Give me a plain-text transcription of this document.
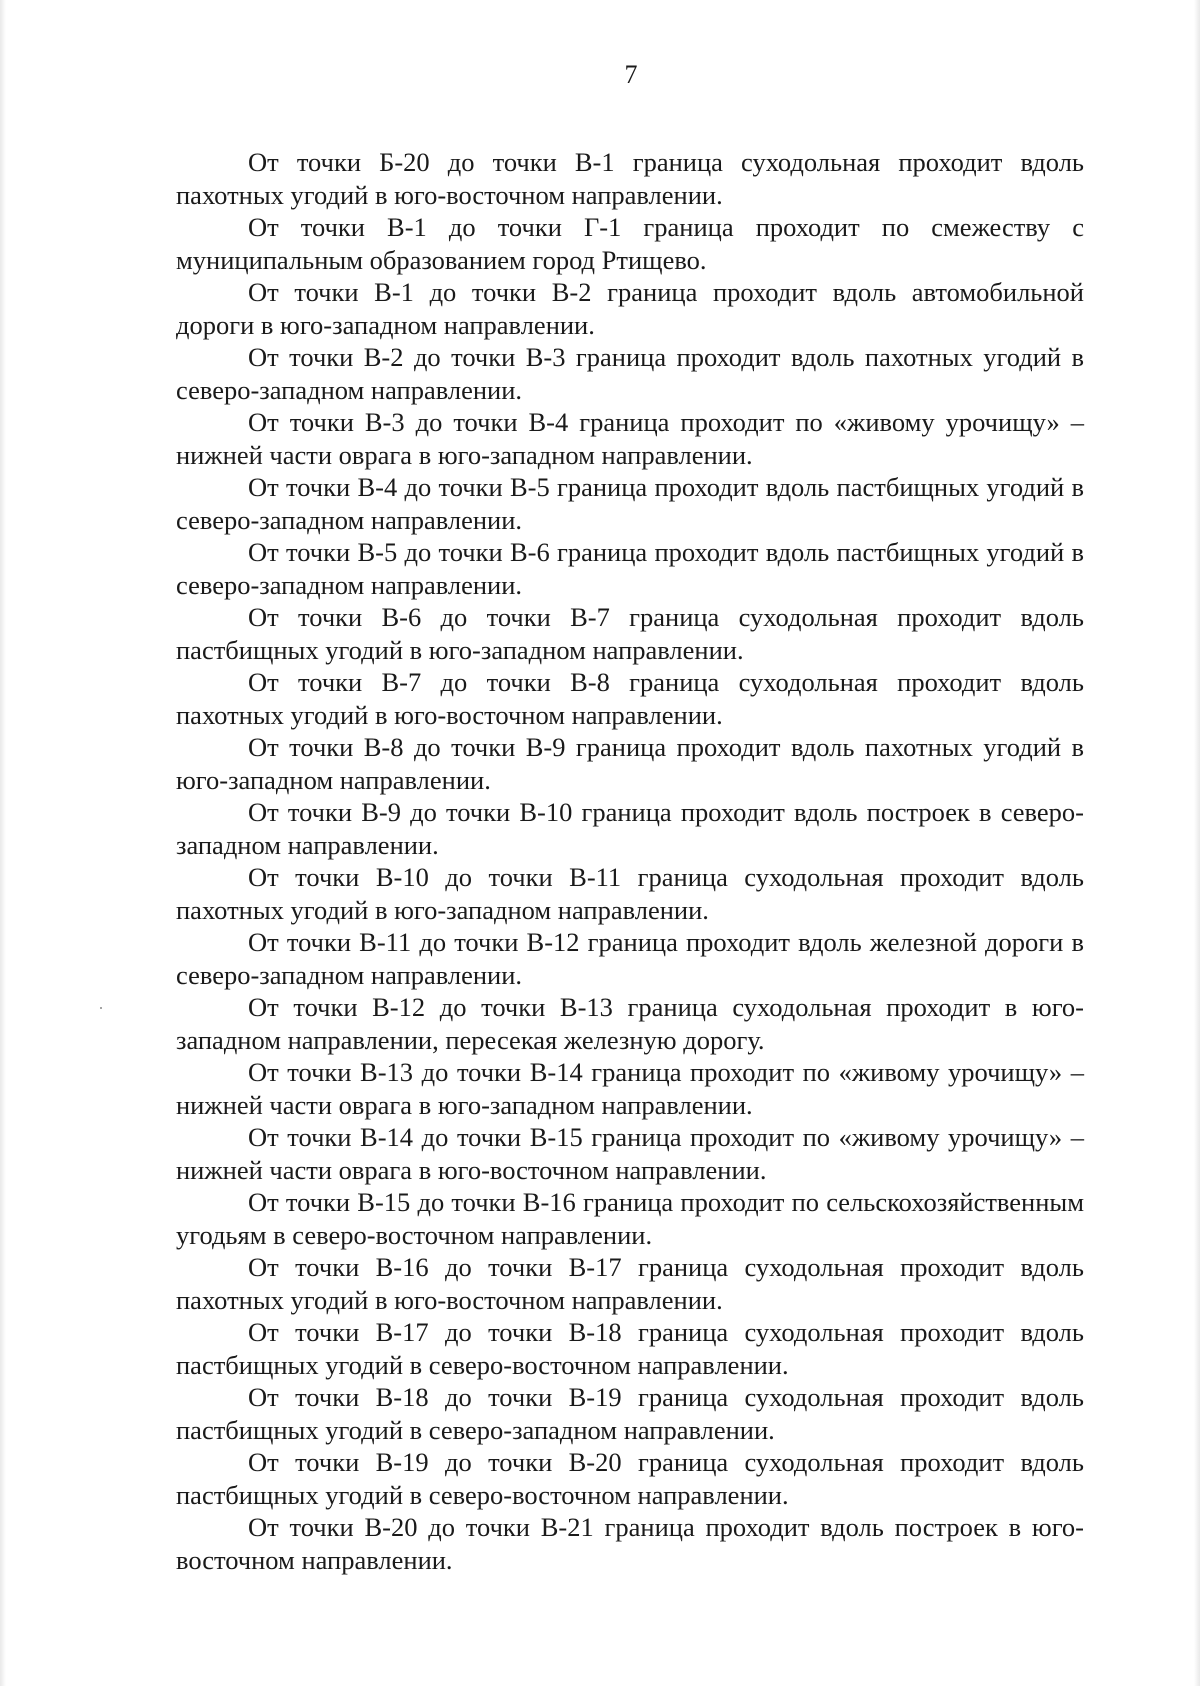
7

От точки Б-20 до точки В-1 граница суходольная проходит вдоль пахотных угодий в юго-восточном направлении.

От точки В-1 до точки Г-1 граница проходит по смежеству с муниципальным образованием город Ртищево.

От точки В-1 до точки В-2 граница проходит вдоль автомобильной дороги в юго-западном направлении.

От точки В-2 до точки В-3 граница проходит вдоль пахотных угодий в северо-западном направлении.

От точки В-3 до точки В-4 граница проходит по «живому урочищу» – нижней части оврага в юго-западном направлении.

От точки В-4 до точки В-5 граница проходит вдоль пастбищных угодий в северо-западном направлении.

От точки В-5 до точки В-6 граница проходит вдоль пастбищных угодий в северо-западном направлении.

От точки В-6 до точки В-7 граница суходольная проходит вдоль пастбищных угодий в юго-западном направлении.

От точки В-7 до точки В-8 граница суходольная проходит вдоль пахотных угодий в юго-восточном направлении.

От точки В-8 до точки В-9 граница проходит вдоль пахотных угодий в юго-западном направлении.

От точки В-9 до точки В-10 граница проходит вдоль построек в северо-западном направлении.

От точки В-10 до точки В-11 граница суходольная проходит вдоль пахотных угодий в юго-западном направлении.

От точки В-11 до точки В-12 граница проходит вдоль железной дороги в северо-западном направлении.

От точки В-12 до точки В-13 граница суходольная проходит в юго-западном направлении, пересекая железную дорогу.

От точки В-13 до точки В-14 граница проходит по «живому урочищу» – нижней части оврага в юго-западном направлении.

От точки В-14 до точки В-15 граница проходит по «живому урочищу» – нижней части оврага в юго-восточном направлении.

От точки В-15 до точки В-16 граница проходит по сельскохозяйственным угодьям в северо-восточном направлении.

От точки В-16 до точки В-17 граница суходольная проходит вдоль пахотных угодий в юго-восточном направлении.

От точки В-17 до точки В-18 граница суходольная проходит вдоль пастбищных угодий в северо-восточном направлении.

От точки В-18 до точки В-19 граница суходольная проходит вдоль пастбищных угодий в северо-западном направлении.

От точки В-19 до точки В-20 граница суходольная проходит вдоль пастбищных угодий в северо-восточном направлении.

От точки В-20 до точки В-21 граница проходит вдоль построек в юго-восточном направлении.
